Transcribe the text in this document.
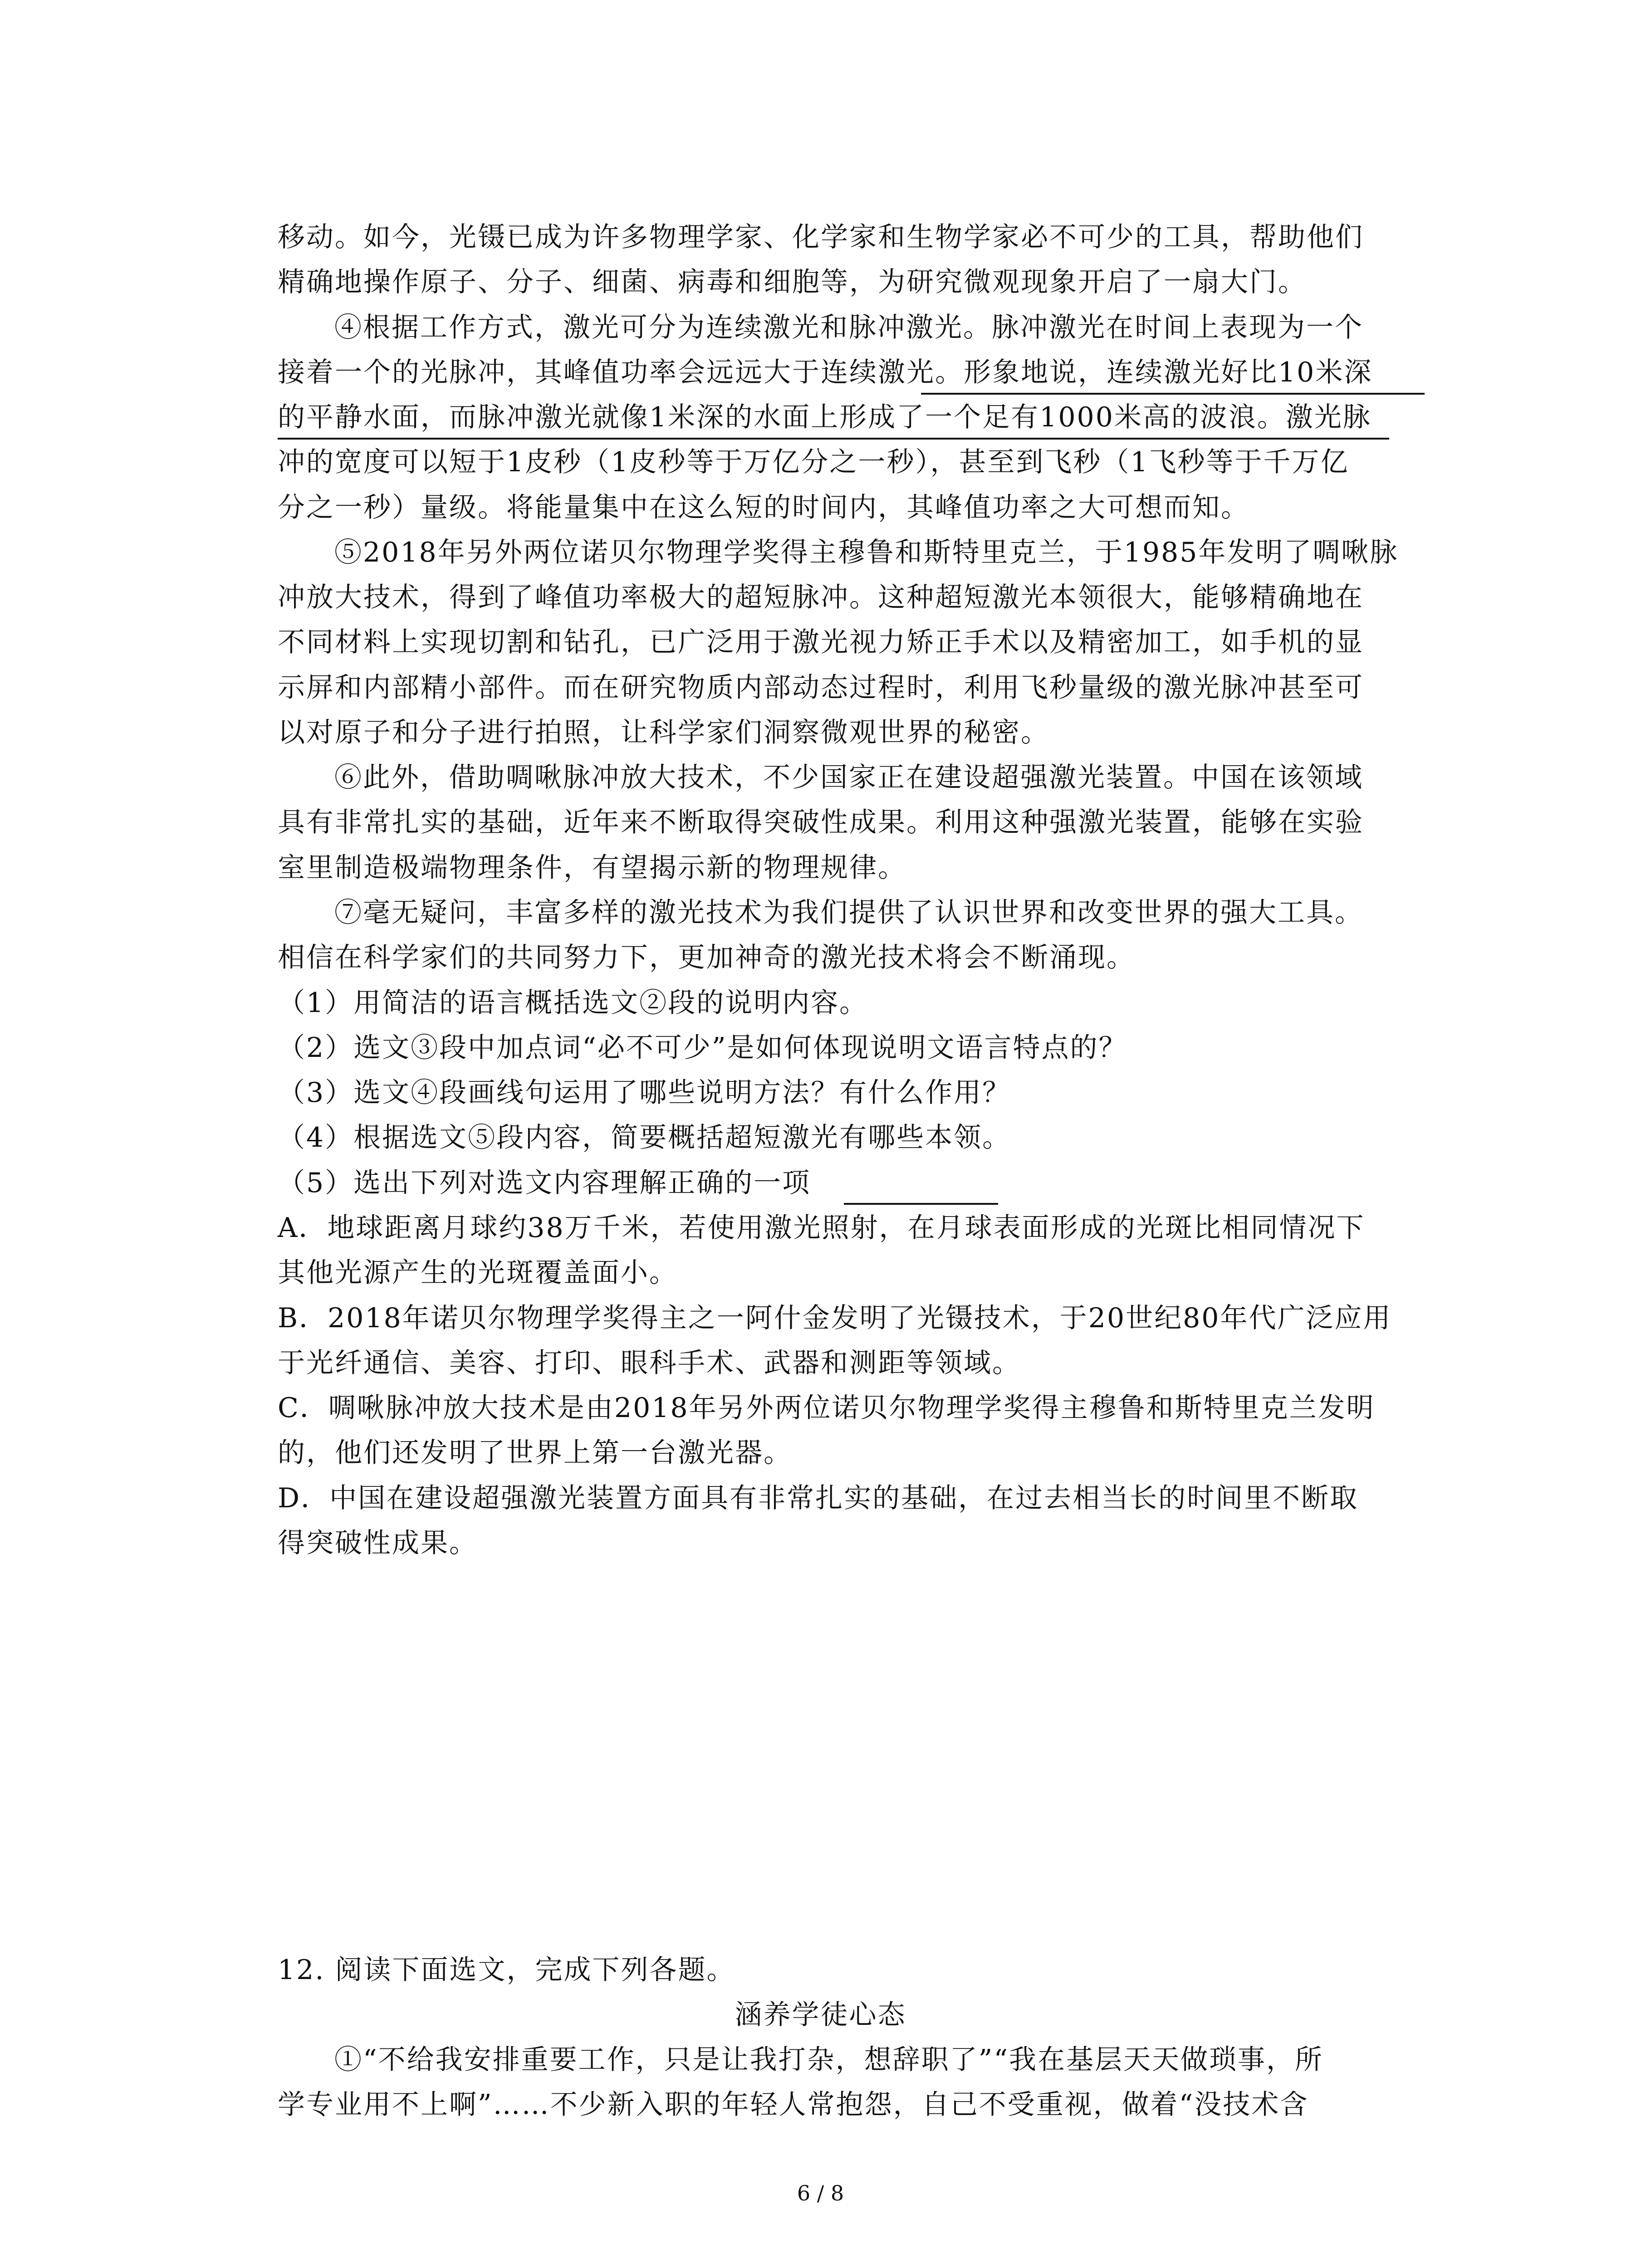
移动。如今，光镊已成为许多物理学家、化学家和生物学家必不可少的工具，帮助他们
精确地操作原子、分子、细菌、病毒和细胞等，为研究微观现象开启了一扇大门。
④根据工作方式，激光可分为连续激光和脉冲激光。脉冲激光在时间上表现为一个
接着一个的光脉冲，其峰值功率会远远大于连续激光。形象地说，连续激光好比10米深
的平静水面，而脉冲激光就像1米深的水面上形成了一个足有1000米高的波浪。激光脉
冲的宽度可以短于1皮秒（1皮秒等于万亿分之一秒），甚至到飞秒（1飞秒等于千万亿
分之一秒）量级。将能量集中在这么短的时间内，其峰值功率之大可想而知。
⑤2018年另外两位诺贝尔物理学奖得主穆鲁和斯特里克兰，于1985年发明了啁啾脉
冲放大技术，得到了峰值功率极大的超短脉冲。这种超短激光本领很大，能够精确地在
不同材料上实现切割和钻孔，已广泛用于激光视力矫正手术以及精密加工，如手机的显
示屏和内部精小部件。而在研究物质内部动态过程时，利用飞秒量级的激光脉冲甚至可
以对原子和分子进行拍照，让科学家们洞察微观世界的秘密。
⑥此外，借助啁啾脉冲放大技术，不少国家正在建设超强激光装置。中国在该领域
具有非常扎实的基础，近年来不断取得突破性成果。利用这种强激光装置，能够在实验
室里制造极端物理条件，有望揭示新的物理规律。
⑦毫无疑问，丰富多样的激光技术为我们提供了认识世界和改变世界的强大工具。
相信在科学家们的共同努力下，更加神奇的激光技术将会不断涌现。
（1）用简洁的语言概括选文②段的说明内容。
（2）选文③段中加点词“必不可少”是如何体现说明文语言特点的？
（3）选文④段画线句运用了哪些说明方法？有什么作用？
（4）根据选文⑤段内容，简要概括超短激光有哪些本领。
（5）选出下列对选文内容理解正确的一项
A．地球距离月球约38万千米，若使用激光照射，在月球表面形成的光斑比相同情况下
其他光源产生的光斑覆盖面小。
B．2018年诺贝尔物理学奖得主之一阿什金发明了光镊技术，于20世纪80年代广泛应用
于光纤通信、美容、打印、眼科手术、武器和测距等领域。
C．啁啾脉冲放大技术是由2018年另外两位诺贝尔物理学奖得主穆鲁和斯特里克兰发明
的，他们还发明了世界上第一台激光器。
D．中国在建设超强激光装置方面具有非常扎实的基础，在过去相当长的时间里不断取
得突破性成果。
12. 阅读下面选文，完成下列各题。
涵养学徒心态
①“不给我安排重要工作，只是让我打杂，想辞职了”“我在基层天天做琐事，所
学专业用不上啊”……不少新入职的年轻人常抱怨，自己不受重视，做着“没技术含
6 / 8
